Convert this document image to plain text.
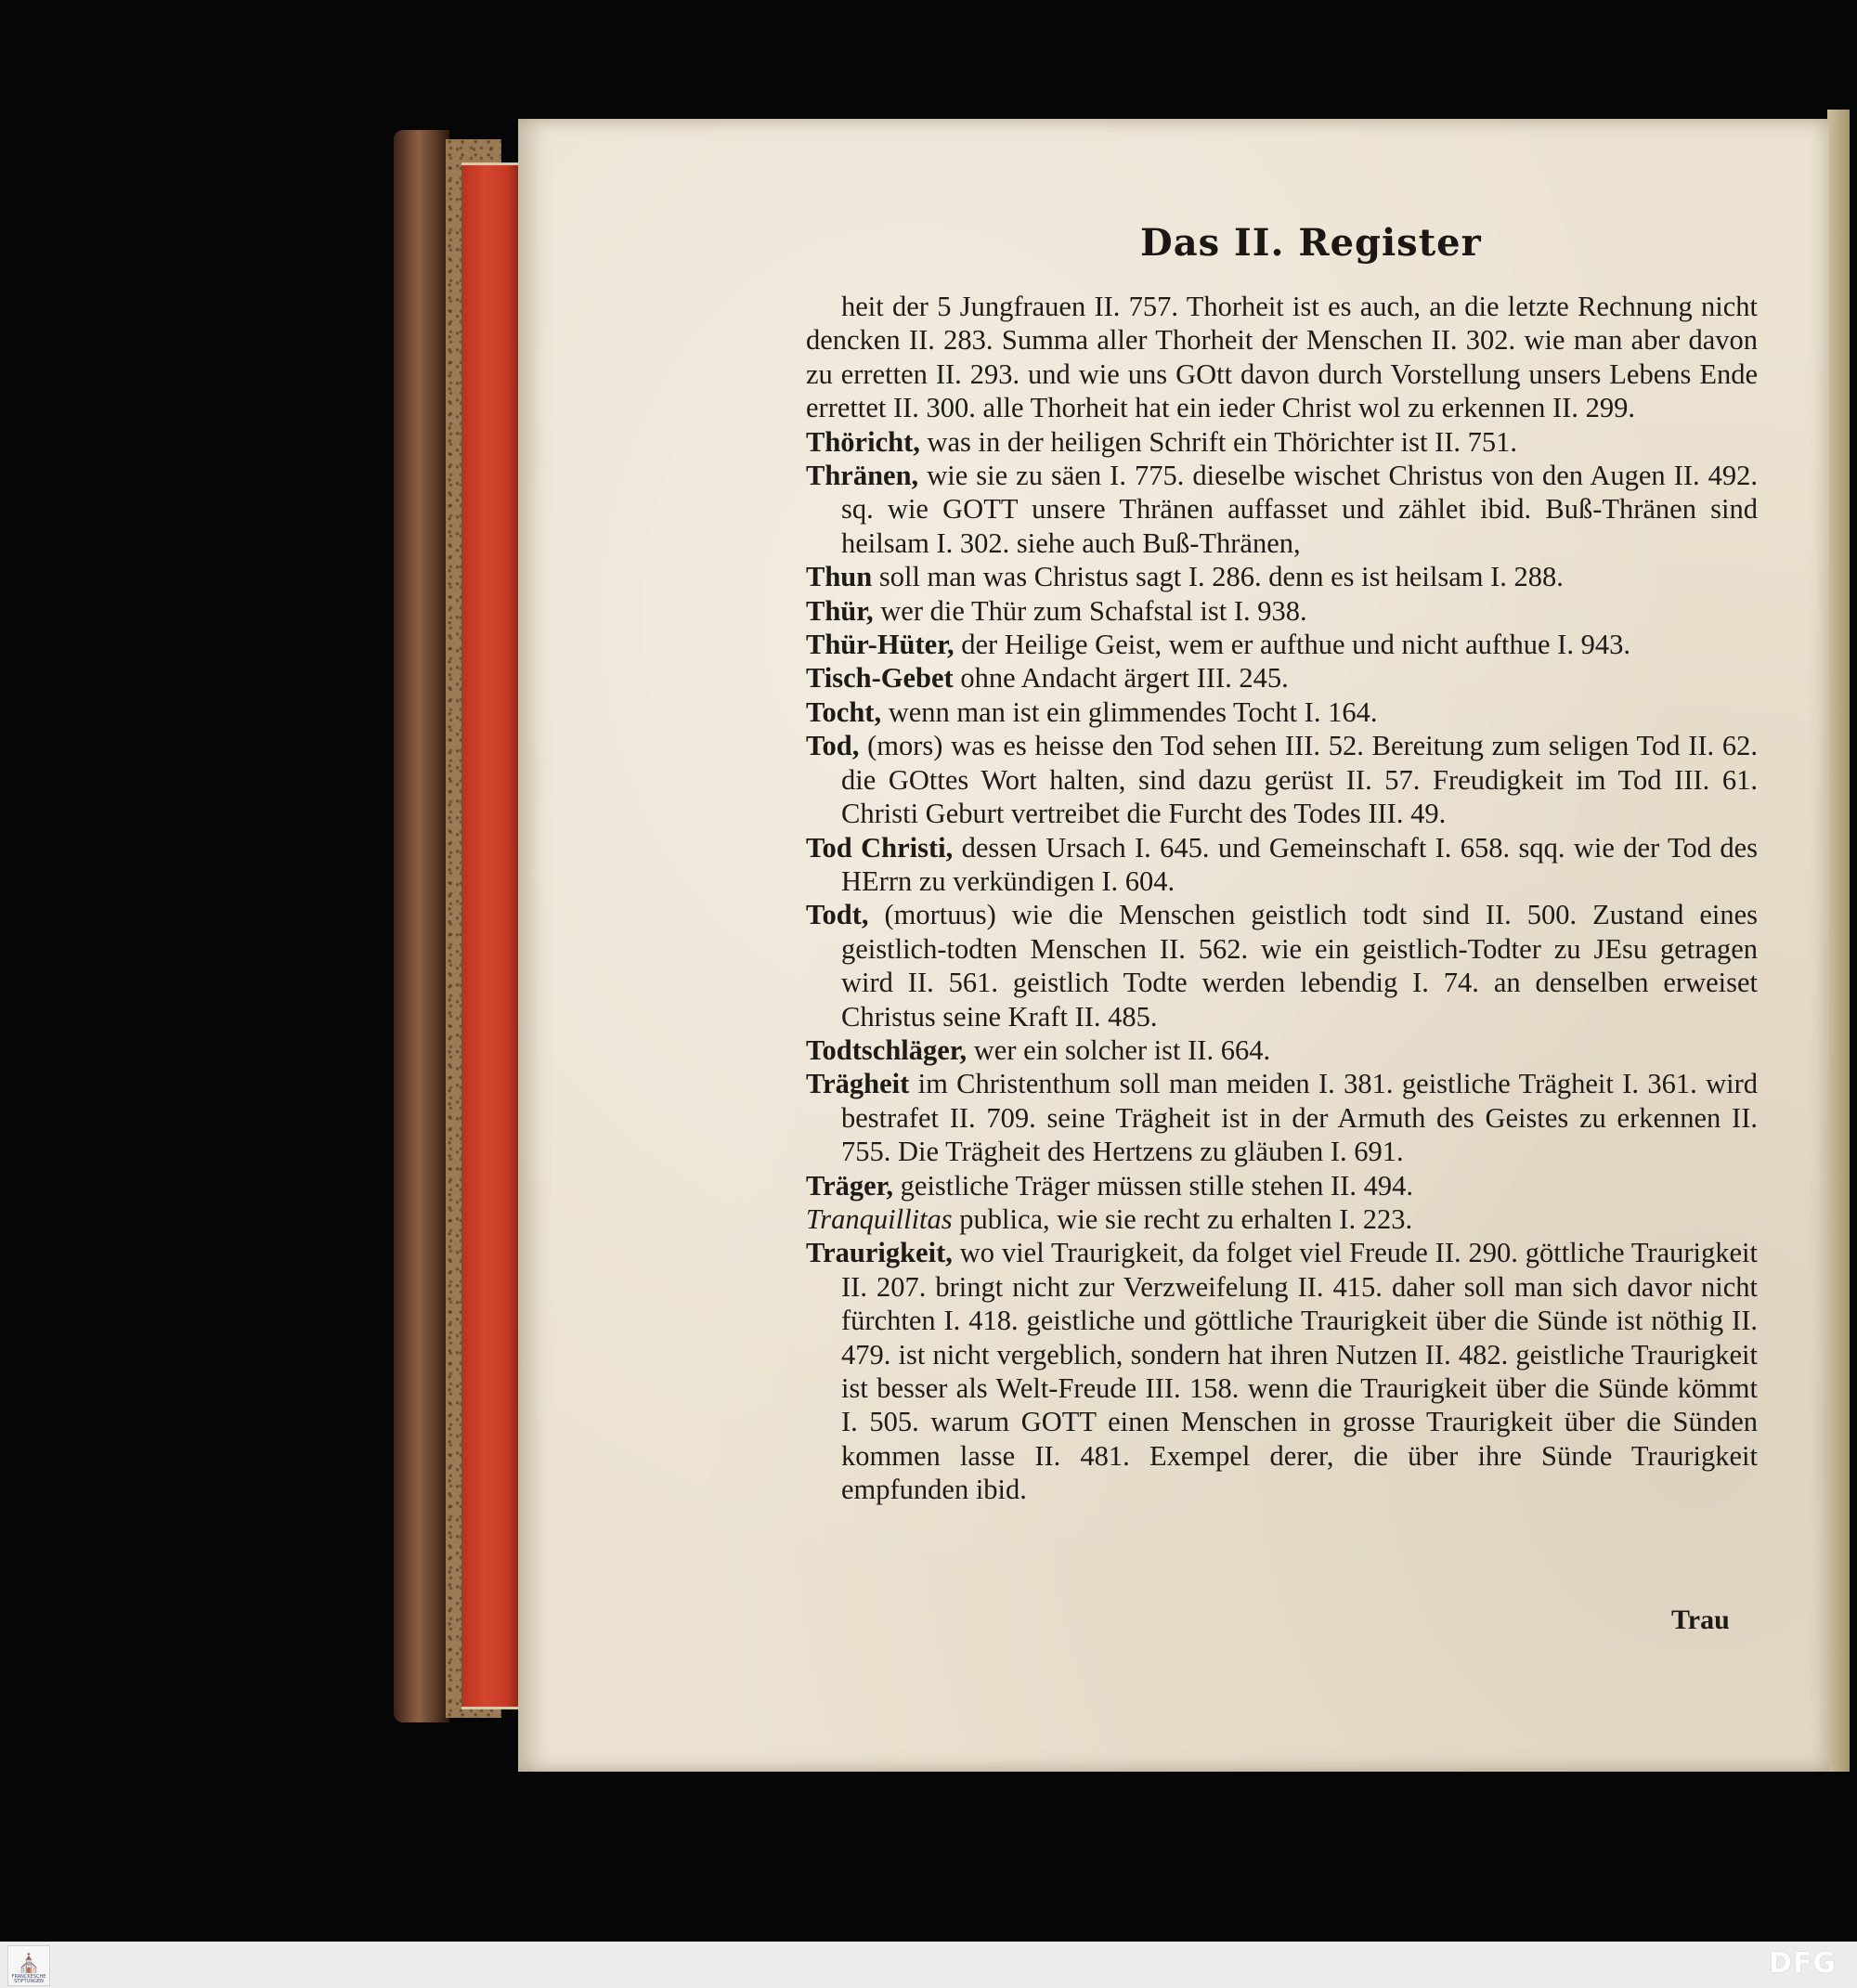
Das II. Register

heit der 5 Jungfrauen II. 757. Thorheit ist es auch, an die letzte Rechnung nicht dencken II. 283. Summa aller Thorheit der Menschen II. 302. wie man aber davon zu erretten II. 293. und wie uns GOtt davon durch Vorstellung unsers Lebens Ende errettet II. 300. alle Thorheit hat ein ieder Christ wol zu erkennen II. 299.

Thöricht, was in der heiligen Schrift ein Thörichter ist II. 751.

Thränen, wie sie zu säen I. 775. dieselbe wischet Christus von den Augen II. 492. sq. wie GOTT unsere Thränen auffasset und zählet ibid. Buß-Thränen sind heilsam I. 302. siehe auch Buß-Thränen,

Thun soll man was Christus sagt I. 286. denn es ist heilsam I. 288.

Thür, wer die Thür zum Schafstal ist I. 938.

Thür-Hüter, der Heilige Geist, wem er aufthue und nicht aufthue I. 943.

Tisch-Gebet ohne Andacht ärgert III. 245.

Tocht, wenn man ist ein glimmendes Tocht I. 164.

Tod, (mors) was es heisse den Tod sehen III. 52. Bereitung zum seligen Tod II. 62. die GOttes Wort halten, sind dazu gerüst II. 57. Freudigkeit im Tod III. 61. Christi Geburt vertreibet die Furcht des Todes III. 49.

Tod Christi, dessen Ursach I. 645. und Gemeinschaft I. 658. sqq. wie der Tod des HErrn zu verkündigen I. 604.

Todt, (mortuus) wie die Menschen geistlich todt sind II. 500. Zustand eines geistlich-todten Menschen II. 562. wie ein geistlich-Todter zu JEsu getragen wird II. 561. geistlich Todte werden lebendig I. 74. an denselben erweiset Christus seine Kraft II. 485.

Todtschläger, wer ein solcher ist II. 664.

Trägheit im Christenthum soll man meiden I. 381. geistliche Trägheit I. 361. wird bestrafet II. 709. seine Trägheit ist in der Armuth des Geistes zu erkennen II. 755. Die Trägheit des Hertzens zu gläuben I. 691.

Träger, geistliche Träger müssen stille stehen II. 494.

Tranquillitas publica, wie sie recht zu erhalten I. 223.

Traurigkeit, wo viel Traurigkeit, da folget viel Freude II. 290. göttliche Traurigkeit II. 207. bringt nicht zur Verzweifelung II. 415. daher soll man sich davor nicht fürchten I. 418. geistliche und göttliche Traurigkeit über die Sünde ist nöthig II. 479. ist nicht vergeblich, sondern hat ihren Nutzen II. 482. geistliche Traurigkeit ist besser als Welt-Freude III. 158. wenn die Traurigkeit über die Sünde kömmt I. 505. warum GOTT einen Menschen in grosse Traurigkeit über die Sünden kommen lasse II. 481. Exempel derer, die über ihre Sünde Traurigkeit empfunden ibid.

Trau
⛪
FRANCKESCHE STIFTUNGEN
DFG
